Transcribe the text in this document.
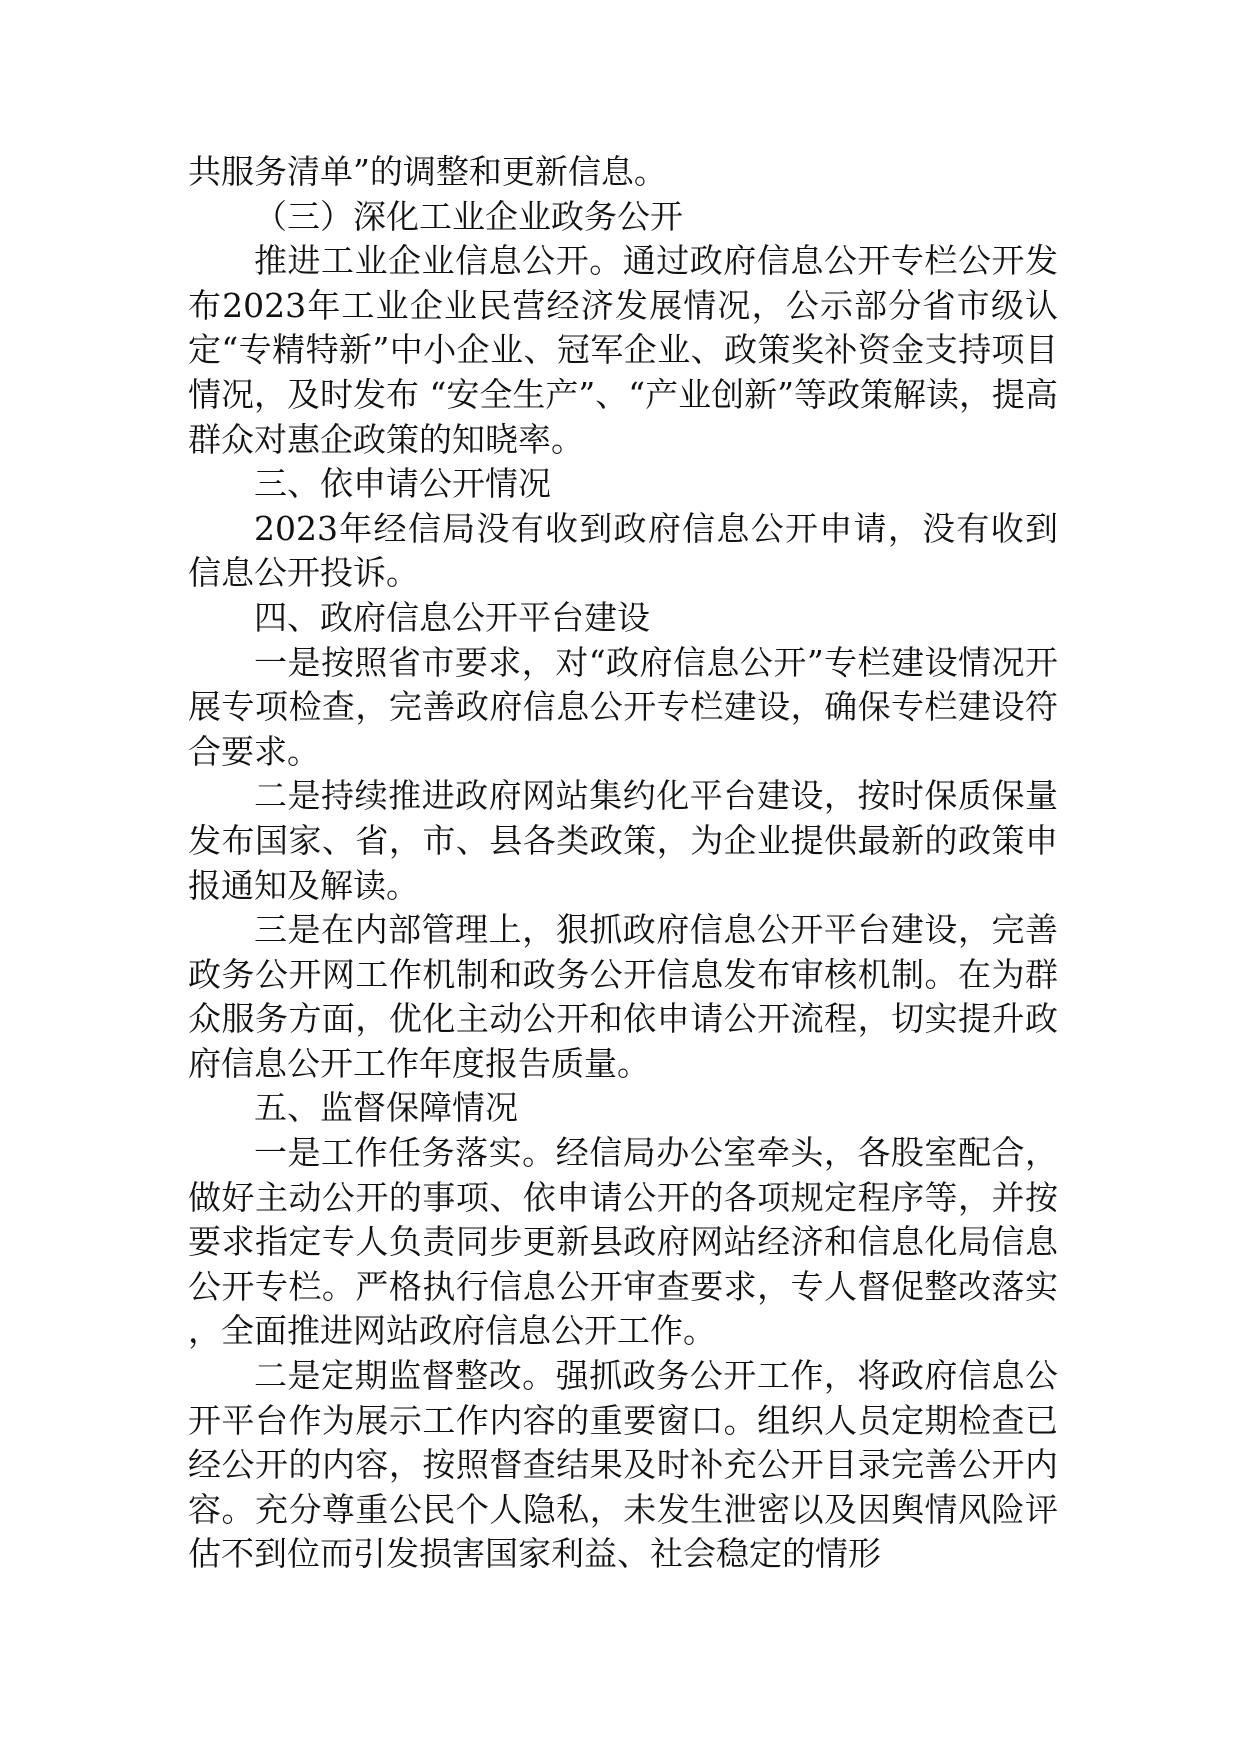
共服务清单”的调整和更新信息。

（三）深化工业企业政务公开

推进工业企业信息公开。通过政府信息公开专栏公开发布2023年工业企业民营经济发展情况，公示部分省市级认定“专精特新”中小企业、冠军企业、政策奖补资金支持项目情况，及时发布 “安全生产”、“产业创新”等政策解读，提高群众对惠企政策的知晓率。

三、依申请公开情况

2023年经信局没有收到政府信息公开申请，没有收到信息公开投诉。

四、政府信息公开平台建设

一是按照省市要求，对“政府信息公开”专栏建设情况开展专项检查，完善政府信息公开专栏建设，确保专栏建设符合要求。

二是持续推进政府网站集约化平台建设，按时保质保量发布国家、省，市、县各类政策，为企业提供最新的政策申报通知及解读。

三是在内部管理上，狠抓政府信息公开平台建设，完善政务公开网工作机制和政务公开信息发布审核机制。在为群众服务方面，优化主动公开和依申请公开流程，切实提升政府信息公开工作年度报告质量。

五、监督保障情况

一是工作任务落实。经信局办公室牵头，各股室配合，做好主动公开的事项、依申请公开的各项规定程序等，并按要求指定专人负责同步更新县政府网站经济和信息化局信息公开专栏。严格执行信息公开审查要求，专人督促整改落实，全面推进网站政府信息公开工作。

二是定期监督整改。强抓政务公开工作，将政府信息公开平台作为展示工作内容的重要窗口。组织人员定期检查已经公开的内容，按照督查结果及时补充公开目录完善公开内容。充分尊重公民个人隐私，未发生泄密以及因舆情风险评估不到位而引发损害国家利益、社会稳定的情形
